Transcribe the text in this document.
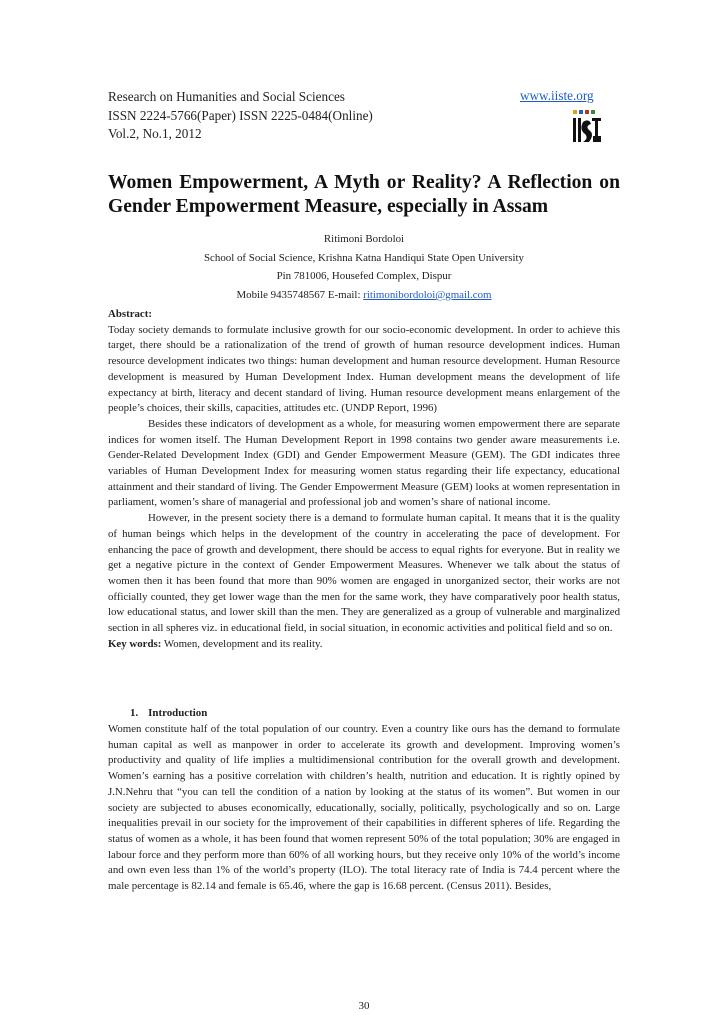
Research on Humanities and Social Sciences
ISSN 2224-5766(Paper) ISSN 2225-0484(Online)
Vol.2, No.1, 2012
www.iiste.org
Women Empowerment, A Myth or Reality? A Reflection on
Gender Empowerment Measure, especially in Assam
Ritimoni Bordoloi
School of Social Science, Krishna Katna Handiqui State Open University
Pin 781006, Housefed Complex, Dispur
Mobile 9435748567 E-mail: ritimonibordoloi@gmail.com

Abstract:

Today society demands to formulate inclusive growth for our socio-economic development. In order to achieve this target, there should be a rationalization of the trend of growth of human resource development indices. Human resource development indicates two things: human development and human resource development. Human Resource development is measured by Human Development Index. Human development means the development of life expectancy at birth, literacy and decent standard of living. Human resource development means enlargement of the people’s choices, their skills, capacities, attitudes etc. (UNDP Report, 1996)

Besides these indicators of development as a whole, for measuring women empowerment there are separate indices for women itself. The Human Development Report in 1998 contains two gender aware measurements i.e. Gender-Related Development Index (GDI) and Gender Empowerment Measure (GEM). The GDI indicates three variables of Human Development Index for measuring women status regarding their life expectancy, educational attainment and their standard of living. The Gender Empowerment Measure (GEM) looks at women representation in parliament, women’s share of managerial and professional job and women’s share of national income.

However, in the present society there is a demand to formulate human capital. It means that it is the quality of human beings which helps in the development of the country in accelerating the pace of development. For enhancing the pace of growth and development, there should be access to equal rights for everyone. But in reality we get a negative picture in the context of Gender Empowerment Measures. Whenever we talk about the status of women then it has been found that more than 90% women are engaged in unorganized sector, their works are not officially counted, they get lower wage than the men for the same work, they have comparatively poor health status, low educational status, and lower skill than the men. They are generalized as a group of vulnerable and marginalized section in all spheres viz. in educational field, in social situation, in economic activities and political field and so on.

Key words: Women, development and its reality.

1. Introduction

Women constitute half of the total population of our country. Even a country like ours has the demand to formulate human capital as well as manpower in order to accelerate its growth and development. Improving women’s productivity and quality of life implies a multidimensional contribution for the overall growth and development. Women’s earning has a positive correlation with children’s health, nutrition and education. It is rightly opined by J.N.Nehru that “you can tell the condition of a nation by looking at the status of its women”. But women in our society are subjected to abuses economically, educationally, socially, politically, psychologically and so on. Large inequalities prevail in our society for the improvement of their capabilities in different spheres of life. Regarding the status of women as a whole, it has been found that women represent 50% of the total population; 30% are engaged in labour force and they perform more than 60% of all working hours, but they receive only 10% of the world’s income and own even less than 1% of the world’s property (ILO). The total literacy rate of India is 74.4 percent where the male percentage is 82.14 and female is 65.46, where the gap is 16.68 percent. (Census 2011). Besides,

30
